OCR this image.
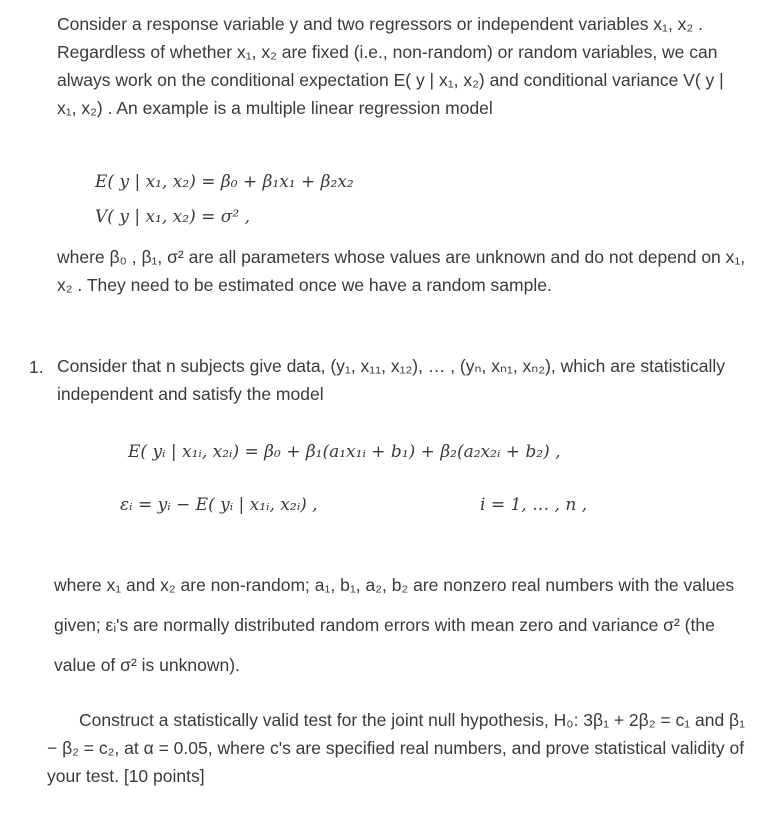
Consider a response variable y and two regressors or independent variables x₁, x₂ . Regardless of whether x₁, x₂ are fixed (i.e., non-random) or random variables, we can always work on the conditional expectation E( y | x₁, x₂) and conditional variance V( y | x₁, x₂) . An example is a multiple linear regression model

E( y | x₁, x₂) = β₀ + β₁x₁ + β₂x₂
V( y | x₁, x₂) = σ² ,

where β₀ , β₁, σ² are all parameters whose values are unknown and do not depend on x₁, x₂ . They need to be estimated once we have a random sample.

1. Consider that n subjects give data, (y₁, x₁₁, x₁₂), … , (yₙ, xₙ₁, xₙ₂), which are statistically independent and satisfy the model

E( yᵢ | x₁ᵢ, x₂ᵢ) = β₀ + β₁(a₁x₁ᵢ + b₁) + β₂(a₂x₂ᵢ + b₂) ,
εᵢ = yᵢ − E( yᵢ | x₁ᵢ, x₂ᵢ) ,	i = 1, … , n ,

where x₁ and x₂ are non-random; a₁, b₁, a₂, b₂ are nonzero real numbers with the values given; εᵢ's are normally distributed random errors with mean zero and variance σ² (the value of σ² is unknown).

Construct a statistically valid test for the joint null hypothesis, H₀: 3β₁ + 2β₂ = c₁ and β₁ − β₂ = c₂, at α = 0.05, where c's are specified real numbers, and prove statistical validity of your test. [10 points]
